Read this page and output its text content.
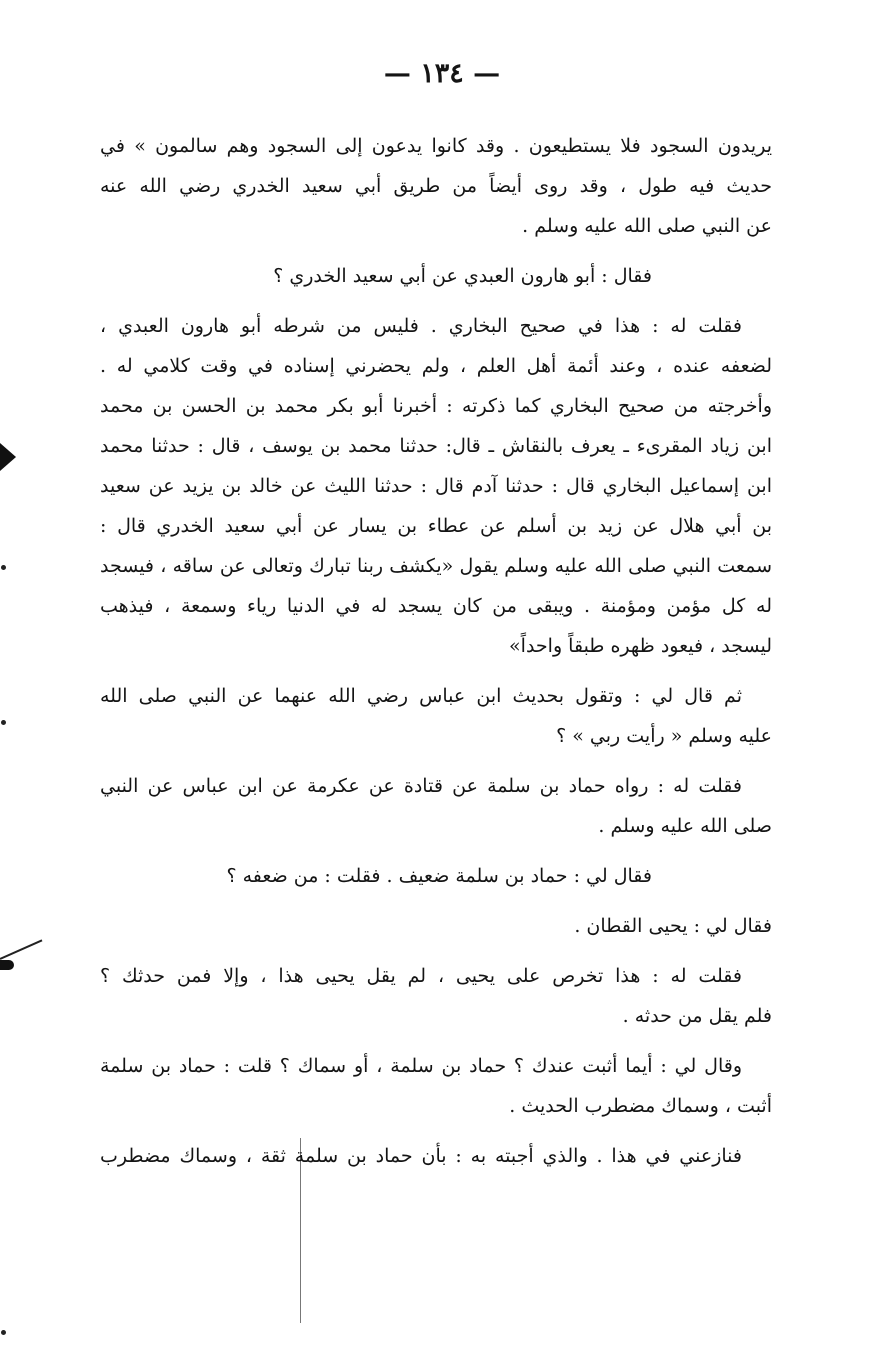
— ١٣٤ —

يريدون السجود فلا يستطيعون . وقد كانوا يدعون إلى السجود وهم سالمون » في
حديث فيه طول ، وقد روى أيضاً من طريق أبي سعيد الخدري رضي الله عنه
عن النبي صلى الله عليه وسلم .

فقال : أبو هارون العبدي عن أبي سعيد الخدري ؟

فقلت له : هذا في صحيح البخاري . فليس من شرطه أبو هارون العبدي ،
لضعفه عنده ، وعند أئمة أهل العلم ، ولم يحضرني إسناده في وقت كلامي له .
وأخرجته من صحيح البخاري كما ذكرته : أخبرنا أبو بكر محمد بن الحسن بن محمد
ابن زياد المقرىء ـ يعرف بالنقاش ـ قال: حدثنا محمد بن يوسف ، قال : حدثنا محمد
ابن إسماعيل البخاري قال : حدثنا آدم قال : حدثنا الليث عن خالد بن يزيد عن سعيد
بن أبي هلال عن زيد بن أسلم عن عطاء بن يسار عن أبي سعيد الخدري قال :
سمعت النبي صلى الله عليه وسلم يقول «يكشف ربنا تبارك وتعالى عن ساقه ، فيسجد
له كل مؤمن ومؤمنة . ويبقى من كان يسجد له في الدنيا رياء وسمعة ، فيذهب
ليسجد ، فيعود ظهره طبقاً واحداً»

ثم قال لي : وتقول بحديث ابن عباس رضي الله عنهما عن النبي صلى الله
عليه وسلم « رأيت ربي » ؟

فقلت له : رواه حماد بن سلمة عن قتادة عن عكرمة عن ابن عباس عن النبي
صلى الله عليه وسلم .

فقال لي : حماد بن سلمة ضعيف . فقلت : من ضعفه ؟

فقال لي : يحيى القطان .

فقلت له : هذا تخرص على يحيى ، لم يقل يحيى هذا ، وإلا فمن حدثك ؟
فلم يقل من حدثه .

وقال لي : أيما أثبت عندك ؟ حماد بن سلمة ، أو سماك ؟ قلت : حماد بن سلمة
أثبت ، وسماك مضطرب الحديث .

فنازعني في هذا . والذي أجبته به : بأن حماد بن سلمة ثقة ، وسماك مضطرب
